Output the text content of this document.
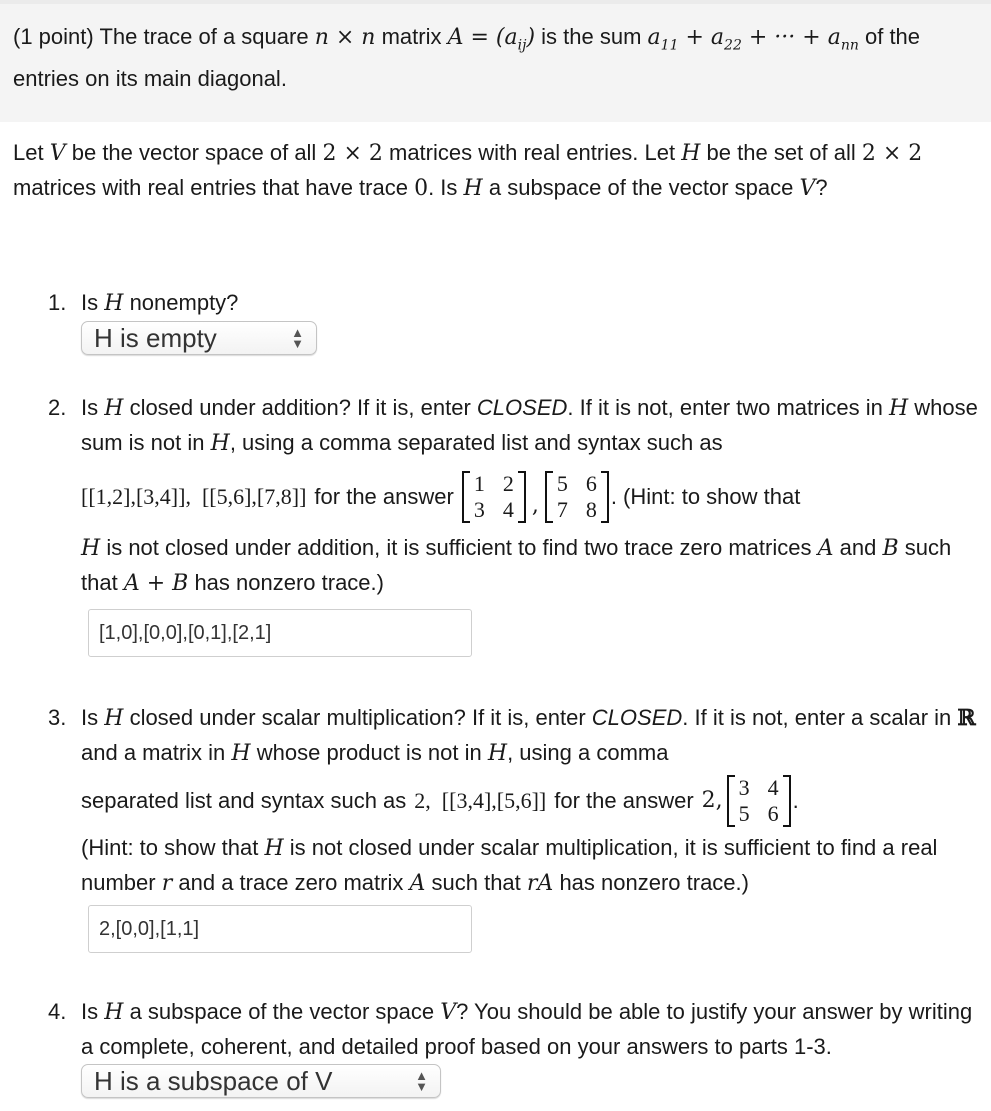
(1 point) The trace of a square n × n matrix $A = (a_{ij})$ is the sum $a_{11} + a_{22}$ + ··· + $a_{nn}$ of the entries on its main diagonal.

Let V be the vector space of all 2 × 2 matrices with real entries. Let H be the set of all 2 × 2 matrices with real entries that have trace 0. Is H a subspace of the vector space V?

1. Is H nonempty?
H is empty	▲
▼
2. Is H closed under addition? If it is, enter CLOSED. If it is not, enter two matrices in H whose sum is not in H, using a comma separated list and syntax such as
[[1,2],[3,4]],  [[5,6],[7,8]] for the answer
1 2
3 4 ,
5 6
7 8
. (Hint: to show that
H is not closed under addition, it is sufficient to find two trace zero matrices A and B such that A + B has nonzero trace.)
[1,0],[0,0],[0,1],[2,1]
3. Is H closed under scalar multiplication? If it is, enter CLOSED. If it is not, enter a scalar in ℝ and a matrix in H whose product is not in H, using a comma
separated list and syntax such as 2,  [[3,4],[5,6]] for the answer 2,
3 4
5 6
.
(Hint: to show that H is not closed under scalar multiplication, it is sufficient to find a real number r and a trace zero matrix A such that rA has nonzero trace.)
2,[0,0],[1,1]
4. Is H a subspace of the vector space V? You should be able to justify your answer by writing a complete, coherent, and detailed proof based on your answers to parts 1-3.
H is a subspace of V	▲
▼
